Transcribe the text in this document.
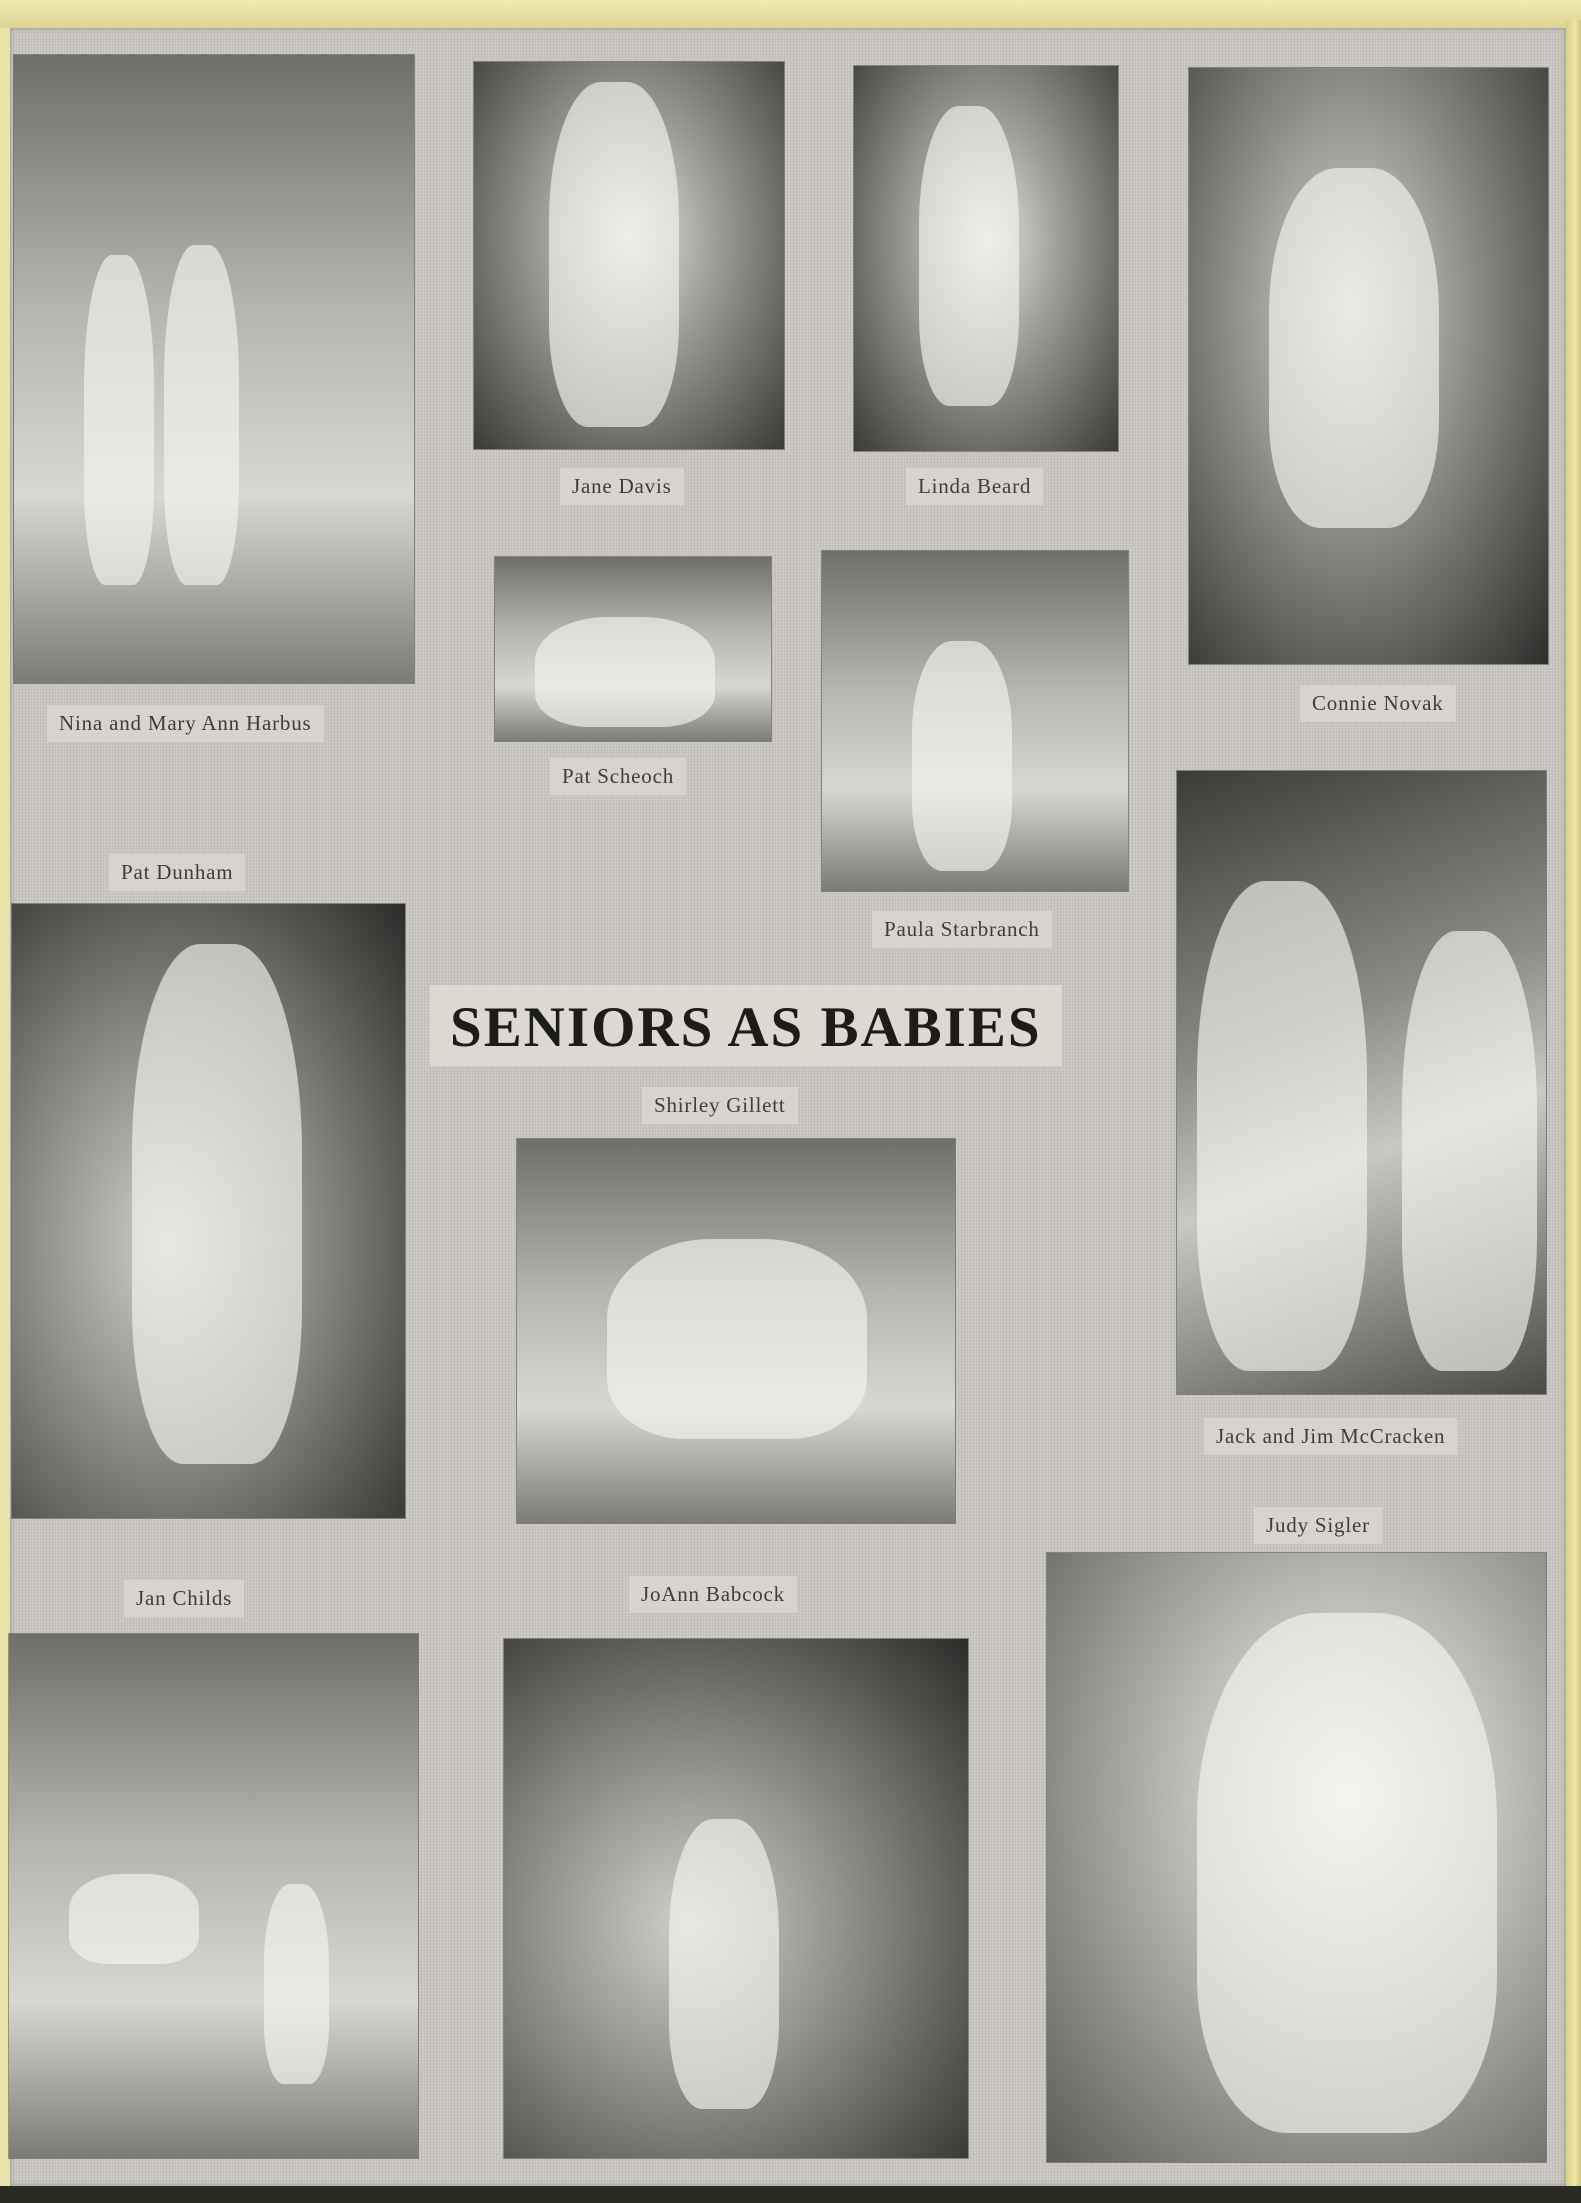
SENIORS AS BABIES
Nina and Mary Ann Harbus
Jane Davis	Linda Beard
Connie Novak
Pat Scheoch
Pat Dunham
Paula Starbranch
Shirley Gillett
Jack and Jim McCracken
Judy Sigler
Jan Childs	JoAnn Babcock
